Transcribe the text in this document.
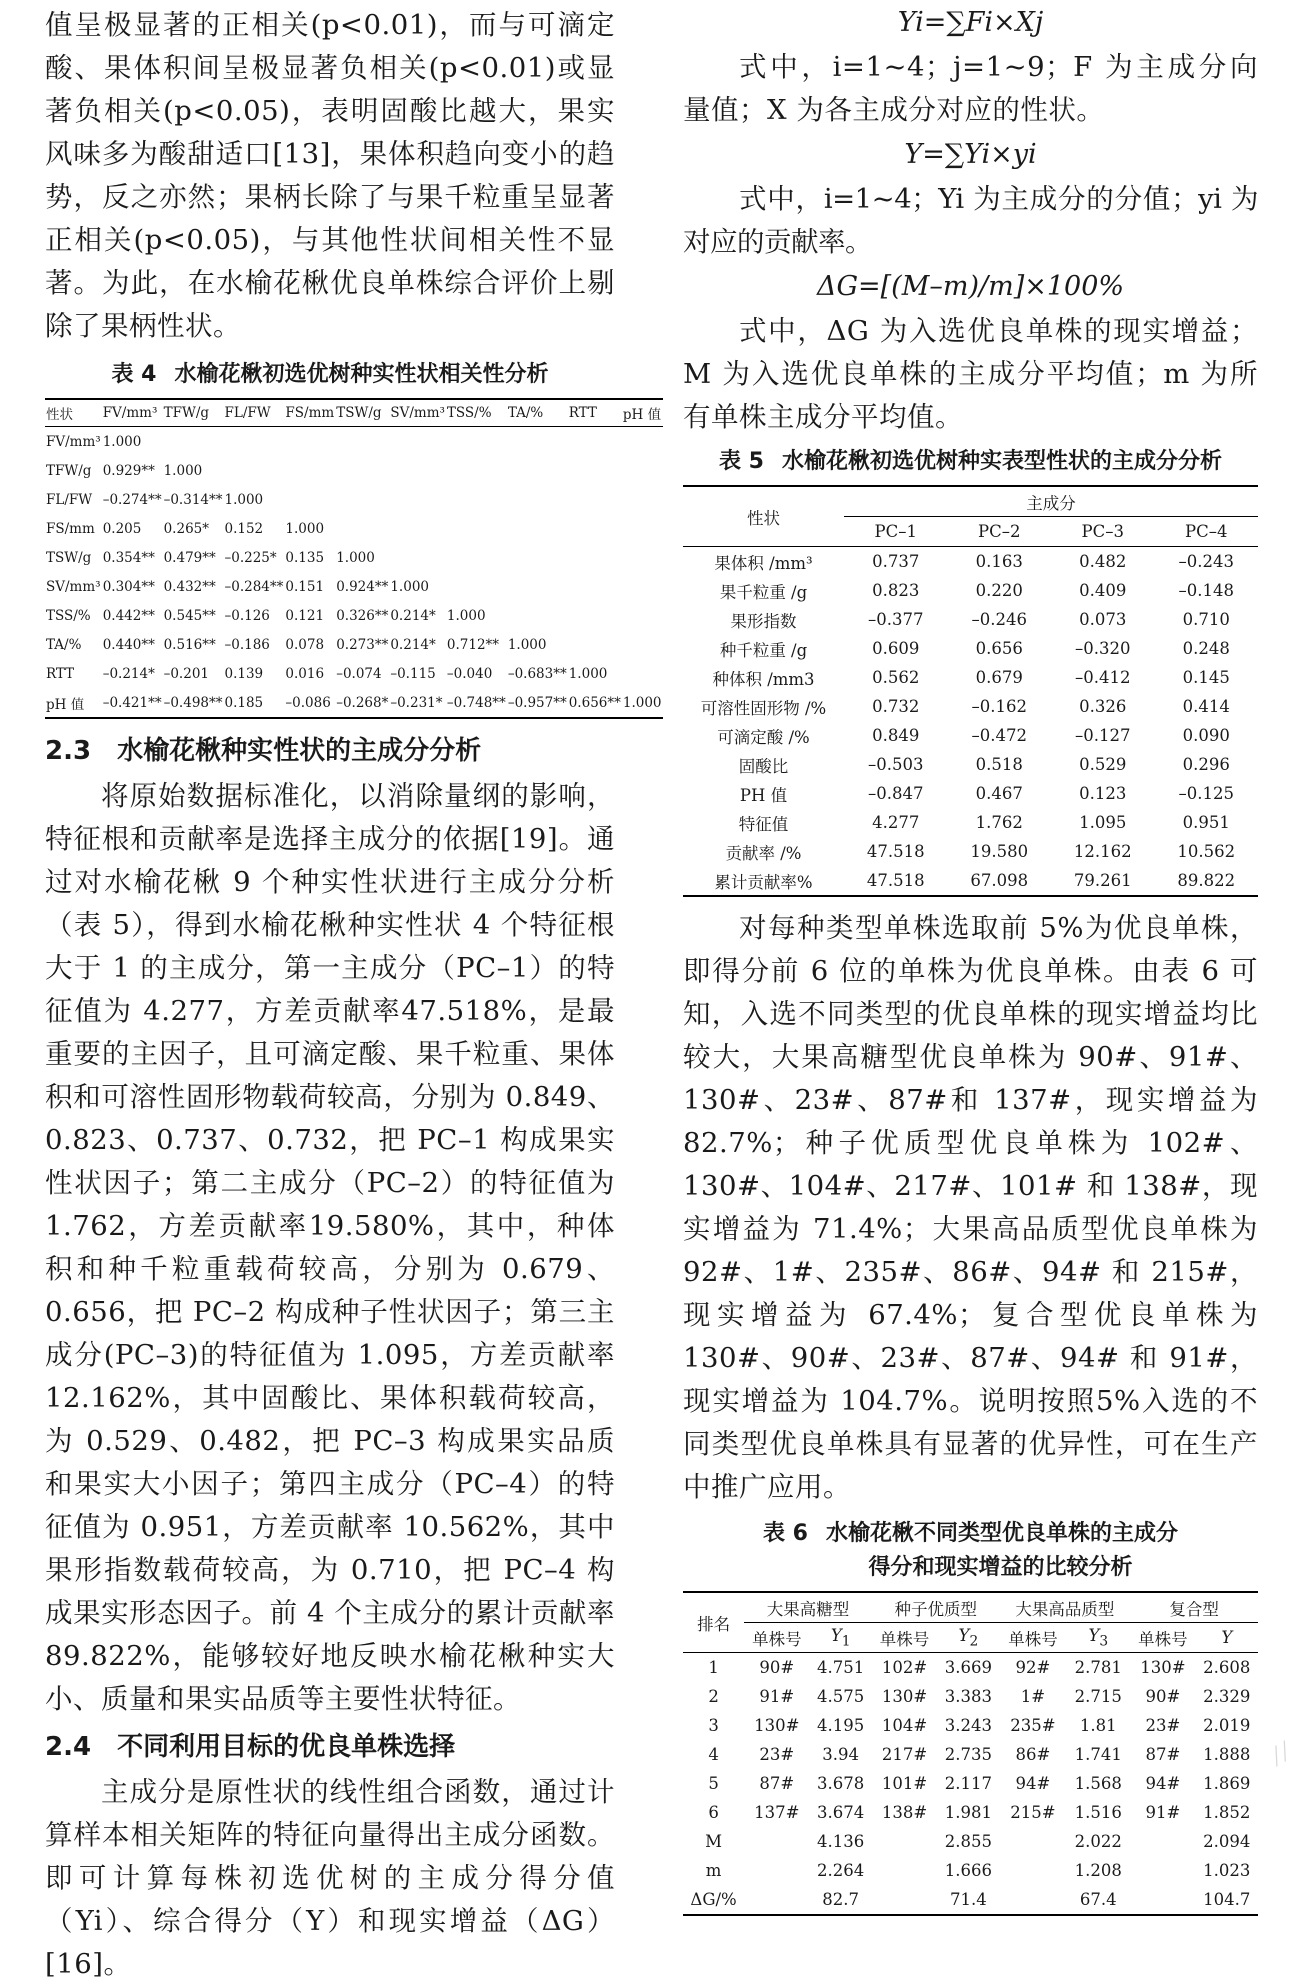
值呈极显著的正相关(p<0.01)，而与可滴定酸、果体积间呈极显著负相关(p<0.01)或显著负相关(p<0.05)，表明固酸比越大，果实风味多为酸甜适口[13]，果体积趋向变小的趋势，反之亦然；果柄长除了与果千粒重呈显著正相关(p<0.05)，与其他性状间相关性不显著。为此，在水榆花楸优良单株综合评价上剔除了果柄性状。

表 4 水榆花楸初选优树种实性状相关性分析
性状	FV/mm³	TFW/g	FL/FW	FS/mm	TSW/g	SV/mm³	TSS/%	TA/%	RTT	pH 值
FV/mm³	1.000									
TFW/g	0.929**	1.000								
FL/FW	–0.274**	–0.314**	1.000							
FS/mm	0.205	0.265*	0.152	1.000						
TSW/g	0.354**	0.479**	–0.225*	0.135	1.000					
SV/mm³	0.304**	0.432**	–0.284**	0.151	0.924**	1.000				
TSS/%	0.442**	0.545**	–0.126	0.121	0.326**	0.214*	1.000			
TA/%	0.440**	0.516**	–0.186	0.078	0.273**	0.214*	0.712**	1.000		
RTT	–0.214*	–0.201	0.139	0.016	–0.074	–0.115	–0.040	–0.683**	1.000	
pH 值	–0.421**	–0.498**	0.185	–0.086	–0.268*	–0.231*	–0.748**	–0.957**	0.656**	1.000
2.3 水榆花楸种实性状的主成分分析

将原始数据标准化，以消除量纲的影响，特征根和贡献率是选择主成分的依据[19]。通过对水榆花楸 9 个种实性状进行主成分分析（表 5），得到水榆花楸种实性状 4 个特征根大于 1 的主成分，第一主成分（PC–1）的特征值为 4.277，方差贡献率47.518%，是最重要的主因子，且可滴定酸、果千粒重、果体积和可溶性固形物载荷较高，分别为 0.849、0.823、0.737、0.732，把 PC–1 构成果实性状因子；第二主成分（PC–2）的特征值为 1.762，方差贡献率19.580%，其中，种体积和种千粒重载荷较高，分别为 0.679、0.656，把 PC–2 构成种子性状因子；第三主成分(PC–3)的特征值为 1.095，方差贡献率 12.162%，其中固酸比、果体积载荷较高，为 0.529、0.482，把 PC–3 构成果实品质和果实大小因子；第四主成分（PC–4）的特征值为 0.951，方差贡献率 10.562%，其中果形指数载荷较高，为 0.710，把 PC–4 构成果实形态因子。前 4 个主成分的累计贡献率 89.822%，能够较好地反映水榆花楸种实大小、质量和果实品质等主要性状特征。

2.4 不同利用目标的优良单株选择

主成分是原性状的线性组合函数，通过计算样本相关矩阵的特征向量得出主成分函数。即可计算每株初选优树的主成分得分值（Yi）、综合得分（Y）和现实增益（ΔG）[16]。

Yi=∑Fi×Xj

式中，i=1~4；j=1~9；F 为主成分向量值；X 为各主成分对应的性状。

Y=∑Yi×yi

式中，i=1~4；Yi 为主成分的分值；yi 为对应的贡献率。

ΔG=[(M–m)/m]×100%

式中，ΔG 为入选优良单株的现实增益；M 为入选优良单株的主成分平均值；m 为所有单株主成分平均值。

表 5 水榆花楸初选优树种实表型性状的主成分分析
性状	主成分			
	PC–1	PC–2	PC–3	PC–4
果体积 /mm³	0.737	0.163	0.482	–0.243
果千粒重 /g	0.823	0.220	0.409	–0.148
果形指数	–0.377	–0.246	0.073	0.710
种千粒重 /g	0.609	0.656	–0.320	0.248
种体积 /mm3	0.562	0.679	–0.412	0.145
可溶性固形物 /%	0.732	–0.162	0.326	0.414
可滴定酸 /%	0.849	–0.472	–0.127	0.090
固酸比	–0.503	0.518	0.529	0.296
PH 值	–0.847	0.467	0.123	–0.125
特征值	4.277	1.762	1.095	0.951
贡献率 /%	47.518	19.580	12.162	10.562
累计贡献率%	47.518	67.098	79.261	89.822

对每种类型单株选取前 5%为优良单株，即得分前 6 位的单株为优良单株。由表 6 可知，入选不同类型的优良单株的现实增益均比较大，大果高糖型优良单株为 90#、91#、130#、23#、87#和 137#，现实增益为 82.7%；种子优质型优良单株为 102#、130#、104#、217#、101# 和 138#，现实增益为 71.4%；大果高品质型优良单株为 92#、1#、235#、86#、94# 和 215#，现实增益为 67.4%；复合型优良单株为 130#、90#、23#、87#、94# 和 91#，现实增益为 104.7%。说明按照5%入选的不同类型优良单株具有显著的优异性，可在生产中推广应用。

表 6 水榆花楸不同类型优良单株的主成分
得分和现实增益的比较分析
排名	大果高糖型		种子优质型		大果高品质型		复合型	
	单株号	$Y_1$	单株号	$Y_2$	单株号	$Y_3$	单株号	Y
1	90#	4.751	102#	3.669	92#	2.781	130#	2.608
2	91#	4.575	130#	3.383	1#	2.715	90#	2.329
3	130#	4.195	104#	3.243	235#	1.81	23#	2.019
4	23#	3.94	217#	2.735	86#	1.741	87#	1.888
5	87#	3.678	101#	2.117	94#	1.568	94#	1.869
6	137#	3.674	138#	1.981	215#	1.516	91#	1.852
M		4.136		2.855		2.022		2.094
m		2.264		1.666		1.208		1.023
ΔG/%		82.7		71.4		67.4		104.7
╱╱
